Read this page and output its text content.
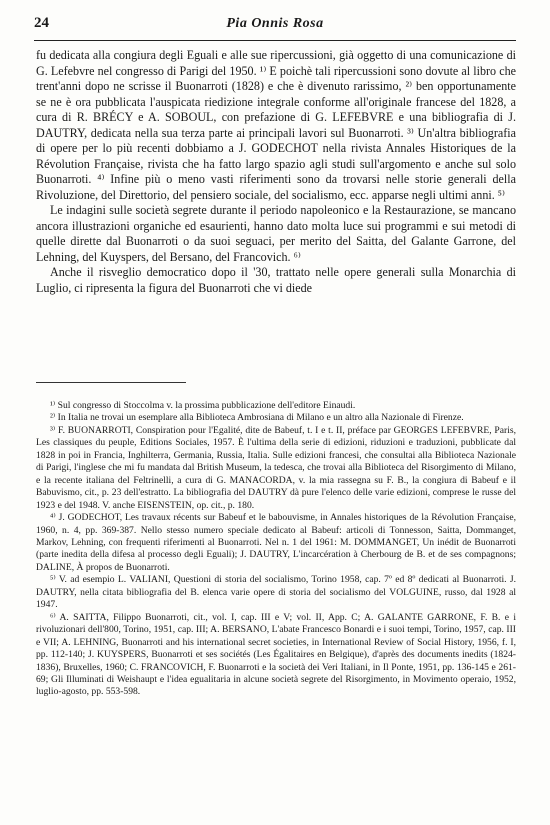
24	Pia Onnis Rosa

fu dedicata alla congiura degli Eguali e alle sue ripercussioni, già oggetto di una comunicazione di G. Lefebvre nel congresso di Parigi del 1950. ¹⁾ E poichè tali ripercussioni sono dovute al libro che trent'anni dopo ne scrisse il Buonarroti (1828) e che è divenuto rarissimo, ²⁾ ben opportunamente se ne è ora pubblicata l'auspicata riedizione integrale conforme all'originale francese del 1828, a cura di R. BRÉCY e A. SOBOUL, con prefazione di G. LEFEBVRE e una bibliografia di J. DAUTRY, dedicata nella sua terza parte ai principali lavori sul Buonarroti. ³⁾ Un'altra bibliografia di opere per lo più recenti dobbiamo a J. GODECHOT nella rivista Annales Historiques de la Révolution Française, rivista che ha fatto largo spazio agli studi sull'argomento e anche sul solo Buonarroti. ⁴⁾ Infine più o meno vasti riferimenti sono da trovarsi nelle storie generali della Rivoluzione, del Direttorio, del pensiero sociale, del socialismo, ecc. apparse negli ultimi anni. ⁵⁾

Le indagini sulle società segrete durante il periodo napoleonico e la Restaurazione, se mancano ancora illustrazioni organiche ed esaurienti, hanno dato molta luce sui programmi e sui metodi di quelle dirette dal Buonarroti o da suoi seguaci, per merito del Saitta, del Galante Garrone, del Lehning, del Kuyspers, del Bersano, del Francovich. ⁶⁾

Anche il risveglio democratico dopo il '30, trattato nelle opere generali sulla Monarchia di Luglio, ci ripresenta la figura del Buonarroti che vi diede

¹⁾ Sul congresso di Stoccolma v. la prossima pubblicazione dell'editore Einaudi.

²⁾ In Italia ne trovai un esemplare alla Biblioteca Ambrosiana di Milano e un altro alla Nazionale di Firenze.

³⁾ F. BUONARROTI, Conspiration pour l'Egalité, dite de Babeuf, t. I e t. II, préface par GEORGES LEFEBVRE, Paris, Les classiques du peuple, Editions Sociales, 1957. È l'ultima della serie di edizioni, riduzioni e traduzioni, pubblicate dal 1828 in poi in Francia, Inghilterra, Germania, Russia, Italia. Sulle edizioni francesi, che consultai alla Biblioteca Nazionale di Parigi, l'inglese che mi fu mandata dal British Museum, la tedesca, che trovai alla Biblioteca del Risorgimento di Milano, e la recente italiana del Feltrinelli, a cura di G. MANACORDA, v. la mia rassegna su F. B., la congiura di Babeuf e il Babuvismo, cit., p. 23 dell'estratto. La bibliografia del DAUTRY dà pure l'elenco delle varie edizioni, comprese le russe del 1923 e del 1948. V. anche EISENSTEIN, op. cit., p. 180.

⁴⁾ J. GODECHOT, Les travaux récents sur Babeuf et le babouvisme, in Annales historiques de la Révolution Française, 1960, n. 4, pp. 369-387. Nello stesso numero speciale dedicato al Babeuf: articoli di Tonnesson, Saitta, Dommanget, Markov, Lehning, con frequenti riferimenti al Buonarroti. Nel n. 1 del 1961: M. DOMMANGET, Un inédit de Buonarroti (parte inedita della difesa al processo degli Eguali); J. DAUTRY, L'incarcération à Cherbourg de B. et de ses compagnons; DALINE, À propos de Buonarroti.

⁵⁾ V. ad esempio L. VALIANI, Questioni di storia del socialismo, Torino 1958, cap. 7º ed 8º dedicati al Buonarroti. J. DAUTRY, nella citata bibliografia del B. elenca varie opere di storia del socialismo del VOLGUINE, russo, dal 1928 al 1947.

⁶⁾ A. SAITTA, Filippo Buonarroti, cit., vol. I, cap. III e V; vol. II, App. C; A. GALANTE GARRONE, F. B. e i rivoluzionari dell'800, Torino, 1951, cap. III; A. BERSANO, L'abate Francesco Bonardi e i suoi tempi, Torino, 1957, cap. III e VII; A. LEHNING, Buonarroti and his international secret societies, in International Review of Social History, 1956, f. I, pp. 112-140; J. KUYSPERS, Buonarroti et ses sociétés (Les Égalitaires en Belgique), d'après des documents inedits (1824-1836), Bruxelles, 1960; C. FRANCOVICH, F. Buonarroti e la società dei Veri Italiani, in Il Ponte, 1951, pp. 136-145 e 261-69; Gli Illuminati di Weishaupt e l'idea egualitaria in alcune società segrete del Risorgimento, in Movimento operaio, 1952, luglio-agosto, pp. 553-598.
